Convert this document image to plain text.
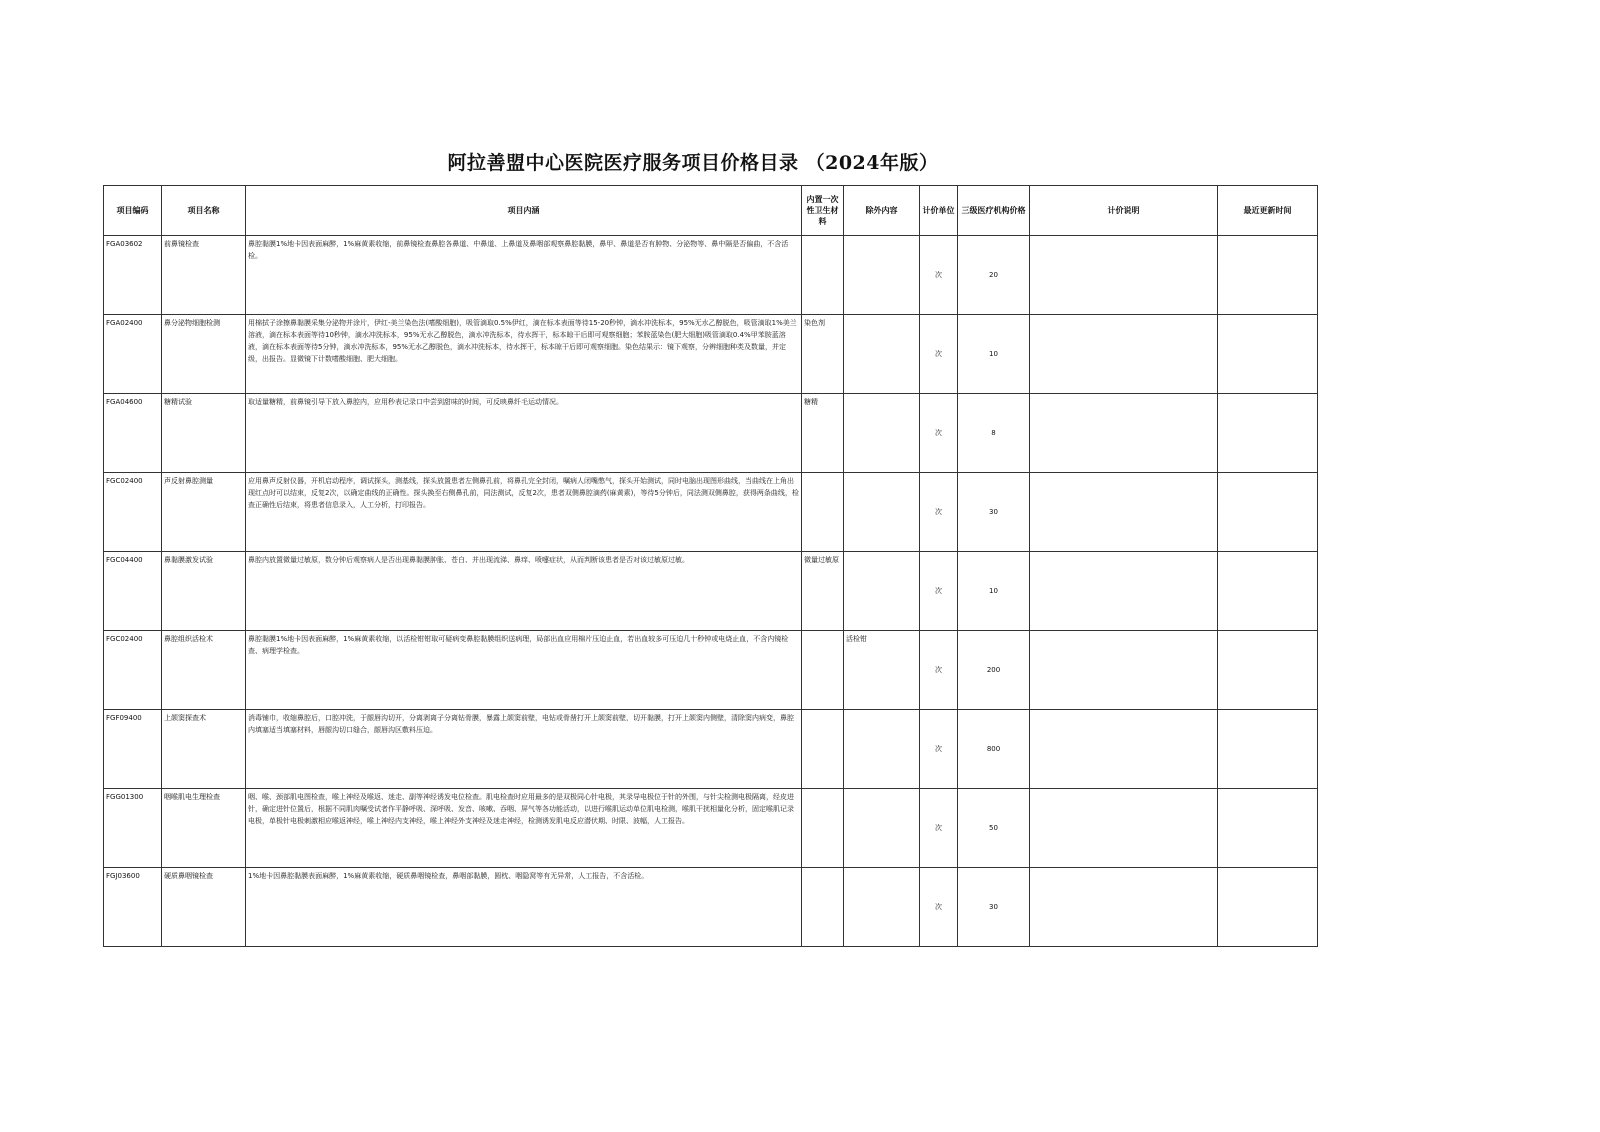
阿拉善盟中心医院医疗服务项目价格目录 （2024年版）
项目编码	项目名称	项目内涵	内置一次性卫生材料	除外内容	计价单位	三级医疗机构价格	计价说明	最近更新时间
FGA03602	前鼻镜检查	鼻腔黏膜1%地卡因表面麻醉，1%麻黄素收缩，前鼻镜检查鼻腔各鼻道、中鼻道、上鼻道及鼻咽部观察鼻腔黏膜，鼻甲、鼻道是否有肿物、分泌物等、鼻中隔是否偏曲，不含活检。			次	20		
FGA02400	鼻分泌物细胞检测	用棉拭子涂擦鼻黏膜采集分泌物并涂片，伊红-美兰染色法(嗜酸细胞)，吸管滴取0.5%伊红，滴在标本表面等待15-20秒钟，滴水冲洗标本，95%无水乙醇脱色，吸管滴取1%美兰溶液，滴在标本表面等待10秒钟，滴水冲洗标本，95%无水乙醇脱色，滴水冲洗标本，待水挥干，标本晾干后即可观察细胞；苯胺蓝染色(肥大细胞)吸管滴取0.4%甲苯胺蓝溶液，滴在标本表面等待5分钟，滴水冲洗标本，95%无水乙醇脱色，滴水冲洗标本，待水挥干，标本晾干后即可观察细胞。染色结果示：镜下观察，分辨细胞种类及数量，并定级，出报告。显微镜下计数嗜酸细胞、肥大细胞。	染色剂		次	10		
FGA04600	糖精试验	取适量糖精，前鼻镜引导下放入鼻腔内，应用秒表记录口中尝到甜味的时间，可反映鼻纤毛运动情况。	糖精		次	8		
FGC02400	声反射鼻腔测量	应用鼻声反射仪器，开机启动程序，调试探头，测基线，探头放置患者左侧鼻孔前，将鼻孔完全封闭，嘱病人闭嘴憋气，探头开始测试，同时电脑出现图形曲线，当曲线在上角出现红点时可以结束，反复2次，以确定曲线的正确性。探头换至右侧鼻孔前，同法测试，反复2次，患者双侧鼻腔滴药(麻黄素)，等待5分钟后，同法测双侧鼻腔，获得两条曲线，检查正确性后结束，将患者信息录入，人工分析，打印报告。			次	30		
FGC04400	鼻黏膜激发试验	鼻腔内放置微量过敏原，数分钟后观察病人是否出现鼻黏膜肿胀、苍白、并出现流涕、鼻痒、喷嚏症状，从而判断该患者是否对该过敏原过敏。	微量过敏原		次	10		
FGC02400	鼻腔组织活检术	鼻腔黏膜1%地卡因表面麻醉，1%麻黄素收缩，以活检钳钳取可疑病变鼻腔黏膜组织送病理，局部出血应用棉片压迫止血，若出血较多可压迫几十秒钟或电烧止血，不含内镜检查、病理学检查。		活检钳	次	200		
FGF09400	上颌窦探查术	消毒铺巾，收缩鼻腔后，口腔冲洗，于龈唇沟切开，分离剥离子分离钻骨膜，暴露上颌窦前壁，电钻或骨凿打开上颌窦前壁，切开黏膜，打开上颌窦内侧壁，清除窦内病变，鼻腔内填塞适当填塞材料，唇龈沟切口缝合，龈唇沟区敷料压迫。			次	800		
FGG01300	咽喉肌电生理检查	咽、喉、颈部肌电图检查，喉上神经及喉返、迷走、副等神经诱发电位检查。肌电检查时应用最多的是双极同心针电极，其录导电极位于针的外围，与针尖检测电极隔离，经皮进针，确定进针位置后，根据不同肌肉嘱受试者作平静呼吸、深呼吸、发音、咳嗽、吞咽、屏气等各功能活动，以进行喉肌运动单位肌电检测，喉肌干扰相量化分析，固定喉肌记录电极，单极针电极刺激相应喉返神经，喉上神经内支神经，喉上神经外支神经及迷走神经，检测诱发肌电反应潜伏期、时限、波幅，人工报告。			次	50		
FGJ03600	硬质鼻咽镜检查	1%地卡因鼻腔黏膜表面麻醉，1%麻黄素收缩，硬质鼻咽镜检查，鼻咽部黏膜，圆枕、咽隐窝等有无异常，人工报告，不含活检。			次	30		
